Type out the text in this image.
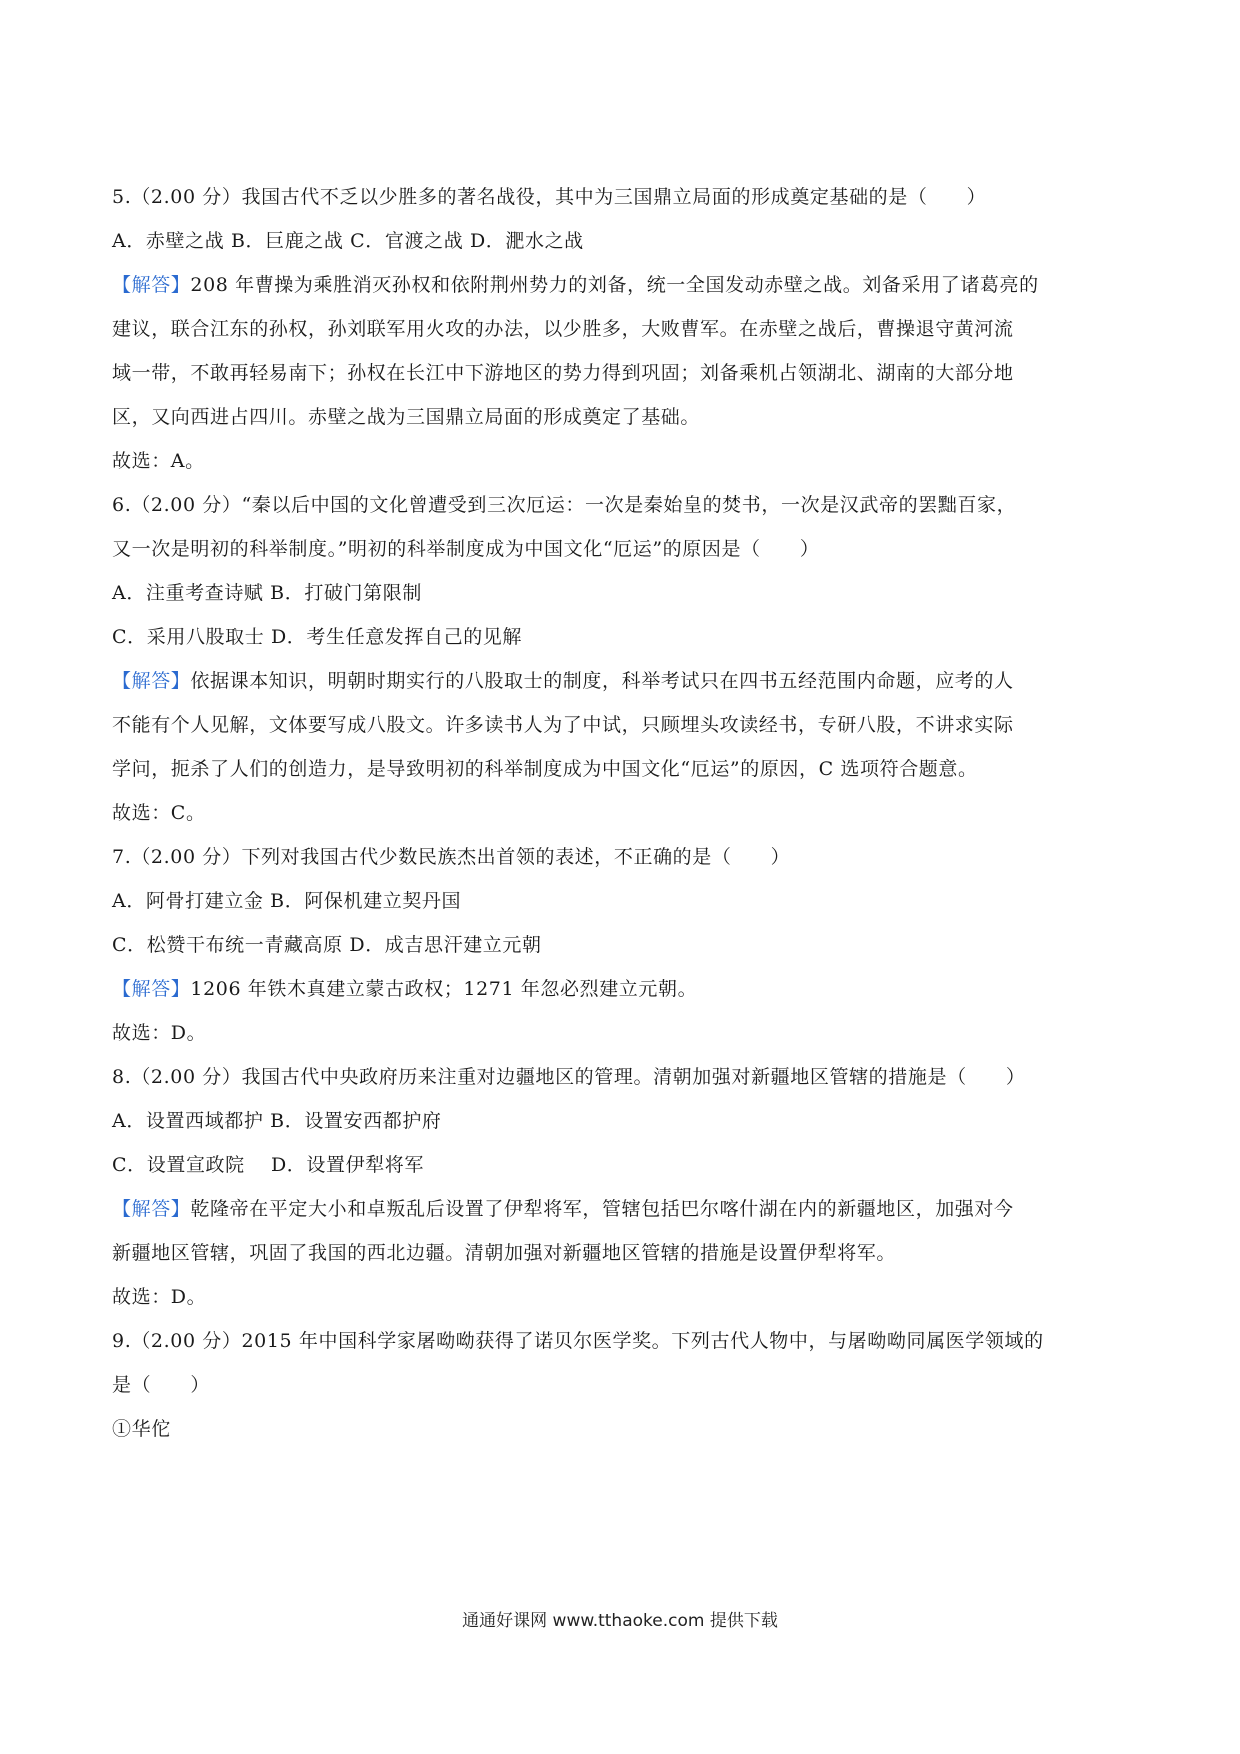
5.（2.00 分）我国古代不乏以少胜多的著名战役，其中为三国鼎立局面的形成奠定基础的是（　　）
A．赤壁之战 B．巨鹿之战 C．官渡之战 D．淝水之战
【解答】208 年曹操为乘胜消灭孙权和依附荆州势力的刘备，统一全国发动赤壁之战。刘备采用了诸葛亮的
建议，联合江东的孙权，孙刘联军用火攻的办法，以少胜多，大败曹军。在赤壁之战后，曹操退守黄河流
域一带，不敢再轻易南下；孙权在长江中下游地区的势力得到巩固；刘备乘机占领湖北、湖南的大部分地
区，又向西进占四川。赤壁之战为三国鼎立局面的形成奠定了基础。
故选：A。
6.（2.00 分）“秦以后中国的文化曾遭受到三次厄运：一次是秦始皇的焚书，一次是汉武帝的罢黜百家，
又一次是明初的科举制度。”明初的科举制度成为中国文化“厄运”的原因是（　　）
A．注重考查诗赋 B．打破门第限制
C．采用八股取士 D．考生任意发挥自己的见解
【解答】依据课本知识，明朝时期实行的八股取士的制度，科举考试只在四书五经范围内命题，应考的人
不能有个人见解，文体要写成八股文。许多读书人为了中试，只顾埋头攻读经书，专研八股，不讲求实际
学问，扼杀了人们的创造力，是导致明初的科举制度成为中国文化“厄运”的原因，C 选项符合题意。
故选：C。
7.（2.00 分）下列对我国古代少数民族杰出首领的表述，不正确的是（　　）
A．阿骨打建立金 B．阿保机建立契丹国
C．松赞干布统一青藏高原 D．成吉思汗建立元朝
【解答】1206 年铁木真建立蒙古政权；1271 年忽必烈建立元朝。
故选：D。
8.（2.00 分）我国古代中央政府历来注重对边疆地区的管理。清朝加强对新疆地区管辖的措施是（　　）
A．设置西域都护 B．设置安西都护府
C．设置宣政院　 D．设置伊犁将军
【解答】乾隆帝在平定大小和卓叛乱后设置了伊犁将军，管辖包括巴尔喀什湖在内的新疆地区，加强对今
新疆地区管辖，巩固了我国的西北边疆。清朝加强对新疆地区管辖的措施是设置伊犁将军。
故选：D。
9.（2.00 分）2015 年中国科学家屠呦呦获得了诺贝尔医学奖。下列古代人物中，与屠呦呦同属医学领域的
是（　　）
①华佗
通通好课网 www.tthaoke.com 提供下载
